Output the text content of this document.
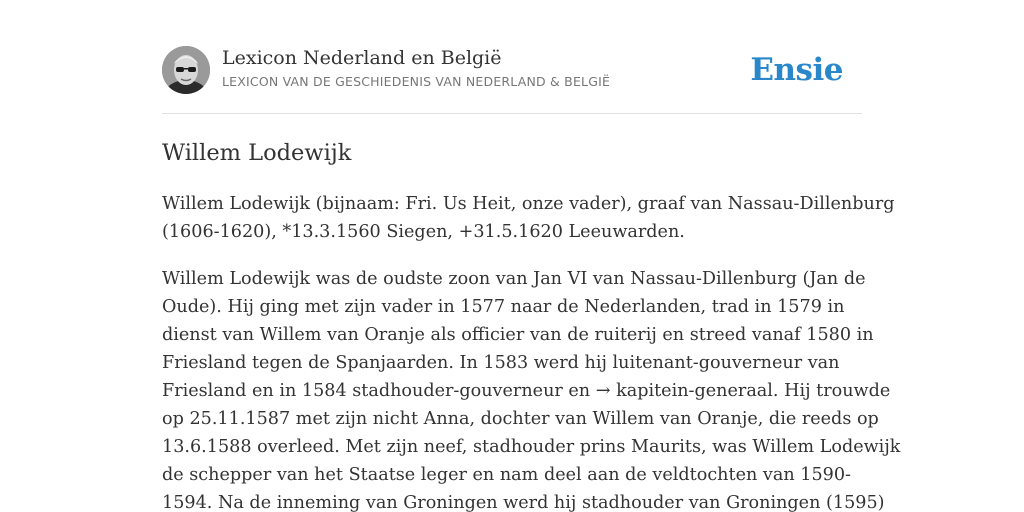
Lexicon Nederland en België
LEXICON VAN DE GESCHIEDENIS VAN NEDERLAND & BELGIË	Ensie
Willem Lodewijk

Willem Lodewijk (bijnaam: Fri. Us Heit, onze vader), graaf van Nassau-Dillenburg
(1606-1620), *13.3.1560 Siegen, +31.5.1620 Leeuwarden.

Willem Lodewijk was de oudste zoon van Jan VI van Nassau-Dillenburg (Jan de
Oude). Hij ging met zijn vader in 1577 naar de Nederlanden, trad in 1579 in
dienst van Willem van Oranje als officier van de ruiterij en streed vanaf 1580 in
Friesland tegen de Spanjaarden. In 1583 werd hij luitenant-gouverneur van
Friesland en in 1584 stadhouder-gouverneur en → kapitein-generaal. Hij trouwde
op 25.11.1587 met zijn nicht Anna, dochter van Willem van Oranje, die reeds op
13.6.1588 overleed. Met zijn neef, stadhouder prins Maurits, was Willem Lodewijk
de schepper van het Staatse leger en nam deel aan de veldtochten van 1590-
1594. Na de inneming van Groningen werd hij stadhouder van Groningen (1595)
